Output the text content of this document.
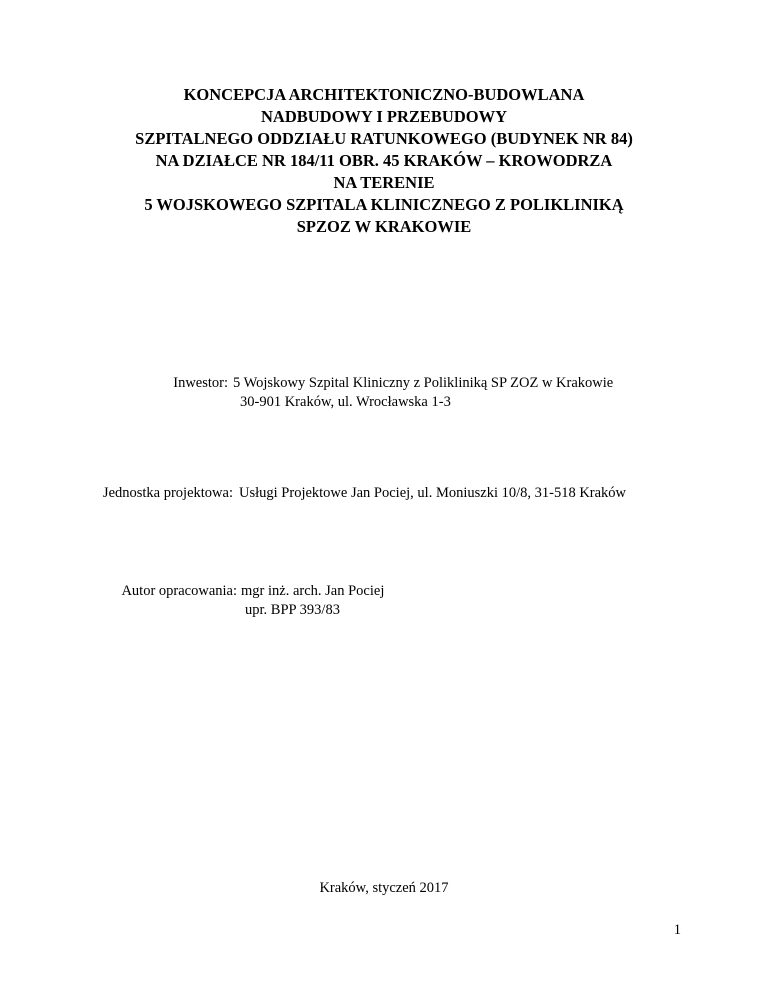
KONCEPCJA ARCHITEKTONICZNO-BUDOWLANA
NADBUDOWY I PRZEBUDOWY
SZPITALNEGO ODDZIAŁU RATUNKOWEGO (BUDYNEK NR 84)
NA DZIAŁCE NR 184/11 OBR. 45 KRAKÓW – KROWODRZA
NA TERENIE
5 WOJSKOWEGO SZPITALA KLINICZNEGO Z POLIKLINIKĄ
SPZOZ W KRAKOWIE
Inwestor: 5 Wojskowy Szpital Kliniczny z Polikliniką SP ZOZ w Krakowie
30-901 Kraków, ul. Wrocławska 1-3
Jednostka projektowa: Usługi Projektowe Jan Pociej, ul. Moniuszki 10/8, 31-518 Kraków
Autor opracowania: mgr inż. arch. Jan Pociej
upr. BPP 393/83
Kraków, styczeń 2017
1
